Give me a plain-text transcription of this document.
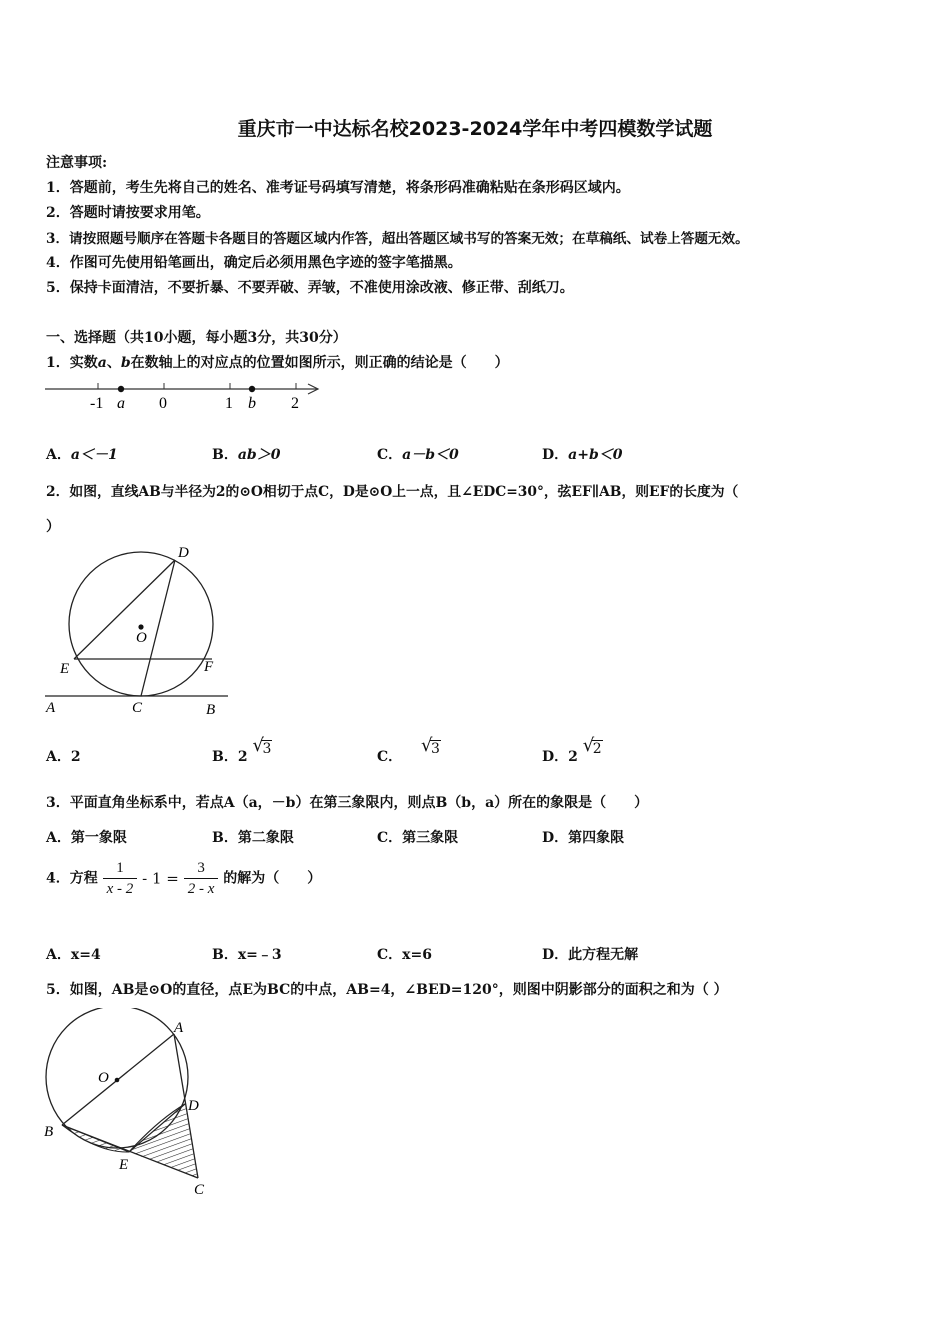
重庆市一中达标名校2023-2024学年中考四模数学试题
注意事项:
1．答题前，考生先将自己的姓名、准考证号码填写清楚，将条形码准确粘贴在条形码区域内。
2．答题时请按要求用笔。
3．请按照题号顺序在答题卡各题目的答题区域内作答，超出答题区域书写的答案无效；在草稿纸、试卷上答题无效。
4．作图可先使用铅笔画出，确定后必须用黑色字迹的签字笔描黑。
5．保持卡面清洁，不要折暴、不要弄破、弄皱，不准使用涂改液、修正带、刮纸刀。
一、选择题（共10小题，每小题3分，共30分）
1．实数a、b在数轴上的对应点的位置如图所示，则正确的结论是（　　）
-1 a 0	1 b 2
A．a＜－1	B．ab＞0	C．a－b＜0	D．a+b＜0
2．如图，直线AB与半径为2的⊙O相切于点C，D是⊙O上一点，且∠EDC=30°，弦EF∥AB，则EF的长度为（
）
D
O
E	F
A	C	B
A．2	B．2
√
3	C．
√
3	D．2
√
2
3．平面直角坐标系中，若点A（a，－b）在第三象限内，则点B（b，a）所在的象限是（　　）
A．第一象限	B．第二象限	C．第三象限	D．第四象限
4．方程 $\frac{1}{x - 2} - 1 = \frac{3}{2 - x}$ 的解为（　　）
A．x=4	B．x=﹣3	C．x=6	D．此方程无解
5．如图，AB是⊙O的直径，点E为BC的中点，AB=4，∠BED=120°，则图中阴影部分的面积之和为（ ）
A
O
D
B
E
C
